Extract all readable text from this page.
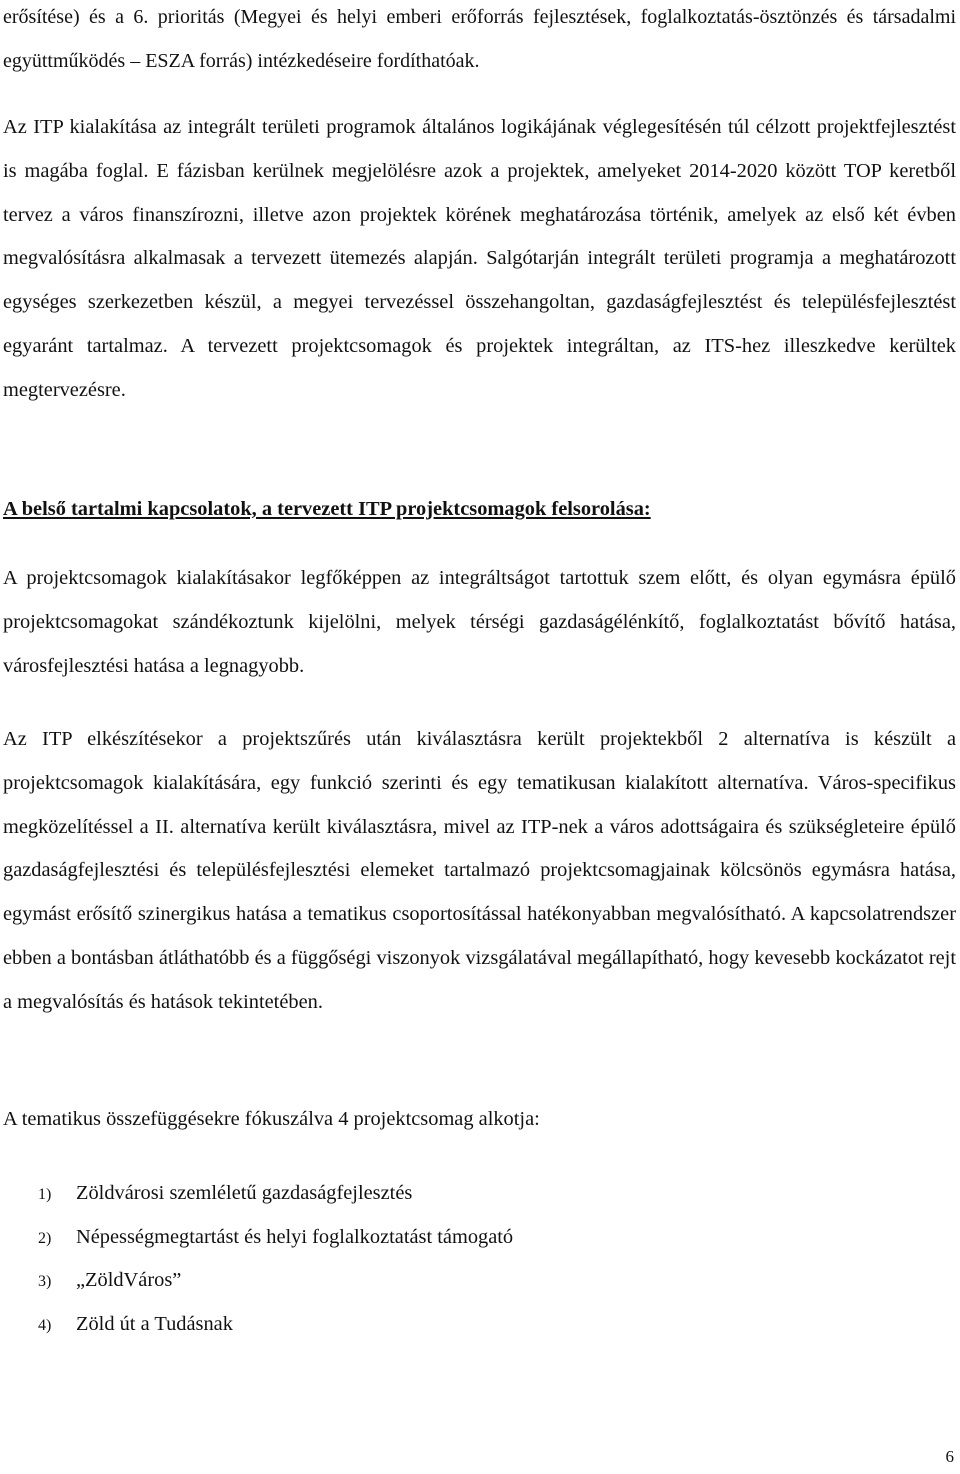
erősítése) és a 6. prioritás (Megyei és helyi emberi erőforrás fejlesztések, foglalkoztatás-ösztönzés és társadalmi együttműködés – ESZA forrás) intézkedéseire fordíthatóak.

Az ITP kialakítása az integrált területi programok általános logikájának véglegesítésén túl célzott projektfejlesztést is magába foglal. E fázisban kerülnek megjelölésre azok a projektek, amelyeket 2014-2020 között TOP keretből tervez a város finanszírozni, illetve azon projektek körének meghatározása történik, amelyek az első két évben megvalósításra alkalmasak a tervezett ütemezés alapján. Salgótarján integrált területi programja a meghatározott egységes szerkezetben készül, a megyei tervezéssel összehangoltan, gazdaságfejlesztést és településfejlesztést egyaránt tartalmaz. A tervezett projektcsomagok és projektek integráltan, az ITS-hez illeszkedve kerültek megtervezésre.

A belső tartalmi kapcsolatok, a tervezett ITP projektcsomagok felsorolása:

A projektcsomagok kialakításakor legfőképpen az integráltságot tartottuk szem előtt, és olyan egymásra épülő projektcsomagokat szándékoztunk kijelölni, melyek térségi gazdaságélénkítő, foglalkoztatást bővítő hatása, városfejlesztési hatása a legnagyobb.

Az ITP elkészítésekor a projektszűrés után kiválasztásra került projektekből 2 alternatíva is készült a projektcsomagok kialakítására, egy funkció szerinti és egy tematikusan kialakított alternatíva. Város-specifikus megközelítéssel a II. alternatíva került kiválasztásra, mivel az ITP-nek a város adottságaira és szükségleteire épülő gazdaságfejlesztési és településfejlesztési elemeket tartalmazó projektcsomagjainak kölcsönös egymásra hatása, egymást erősítő szinergikus hatása a tematikus csoportosítással hatékonyabban megvalósítható. A kapcsolatrendszer ebben a bontásban átláthatóbb és a függőségi viszonyok vizsgálatával megállapítható, hogy kevesebb kockázatot rejt a megvalósítás és hatások tekintetében.

A tematikus összefüggésekre fókuszálva 4 projektcsomag alkotja:

1) Zöldvárosi szemléletű gazdaságfejlesztés
2) Népességmegtartást és helyi foglalkoztatást támogató
3) „ZöldVáros”
4) Zöld út a Tudásnak
6
